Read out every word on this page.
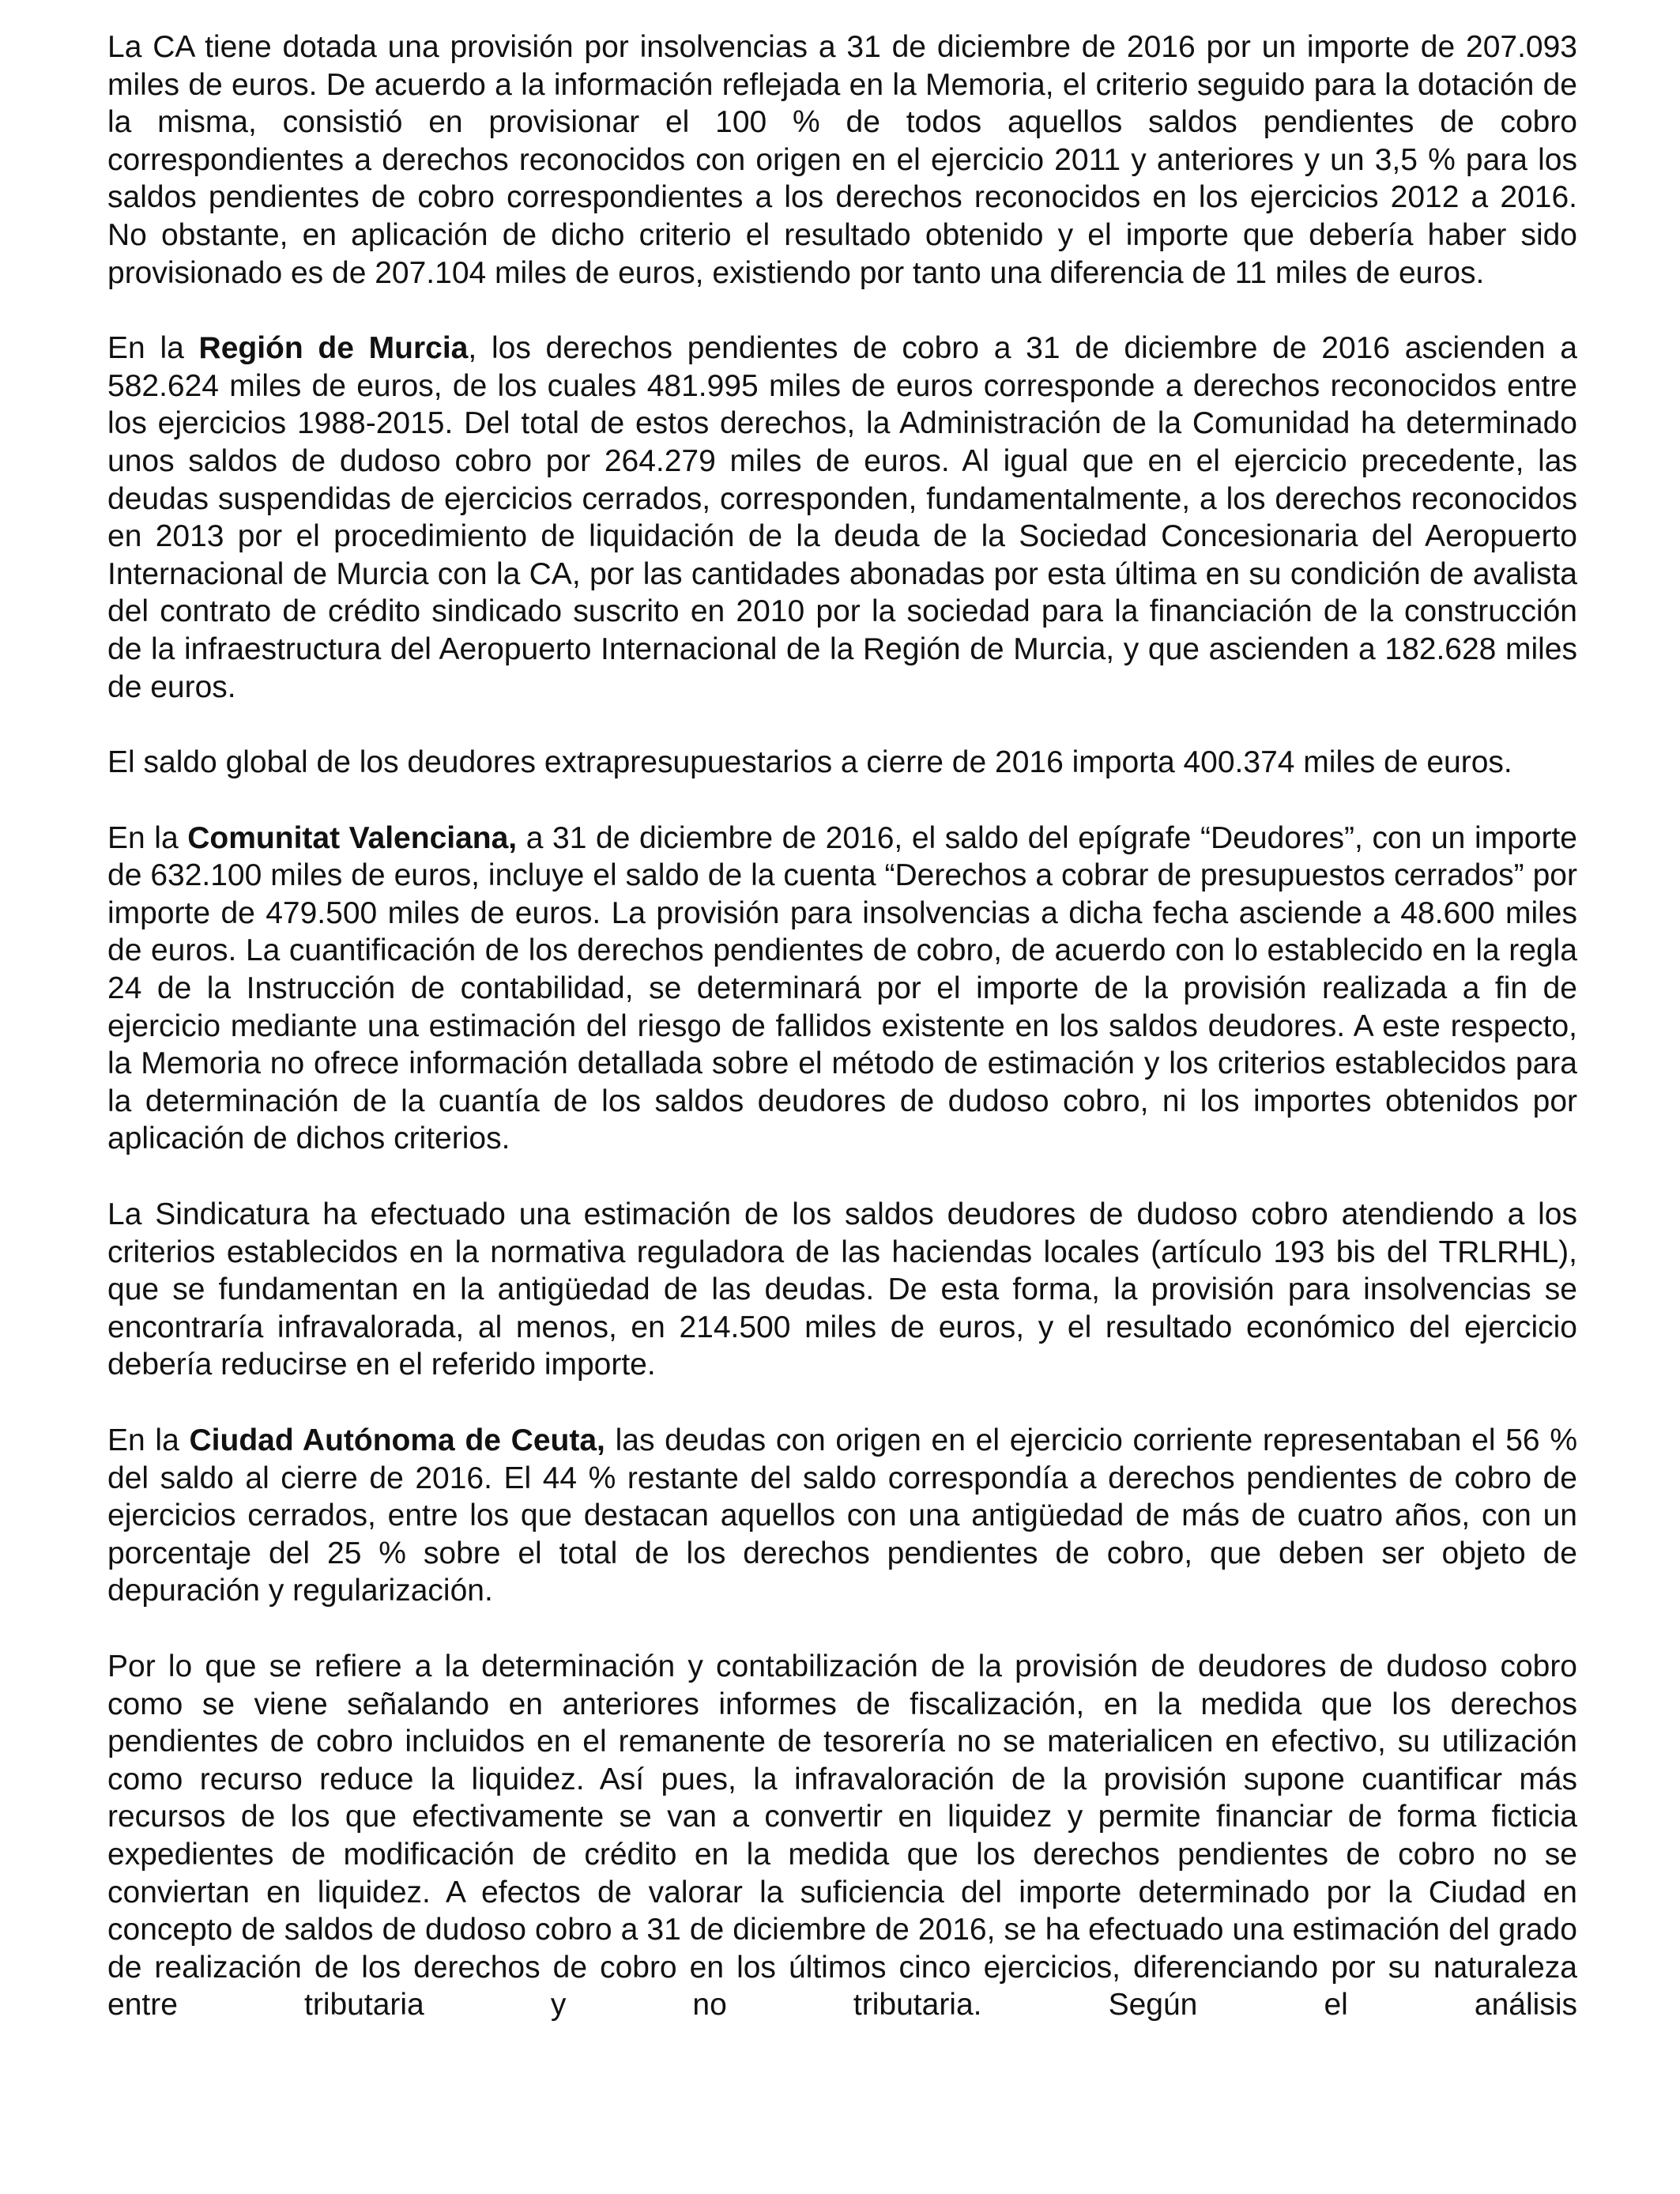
La CA tiene dotada una provisión por insolvencias a 31 de diciembre de 2016 por un importe de 207.093 miles de euros. De acuerdo a la información reflejada en la Memoria, el criterio seguido para la dotación de la misma, consistió en provisionar el 100 % de todos aquellos saldos pendientes de cobro correspondientes a derechos reconocidos con origen en el ejercicio 2011 y anteriores y un 3,5 % para los saldos pendientes de cobro correspondientes a los derechos reconocidos en los ejercicios 2012 a 2016. No obstante, en aplicación de dicho criterio el resultado obtenido y el importe que debería haber sido provisionado es de 207.104 miles de euros, existiendo por tanto una diferencia de 11 miles de euros.

En la Región de Murcia, los derechos pendientes de cobro a 31 de diciembre de 2016 ascienden a 582.624 miles de euros, de los cuales 481.995 miles de euros corresponde a derechos reconocidos entre los ejercicios 1988-2015. Del total de estos derechos, la Administración de la Comunidad ha determinado unos saldos de dudoso cobro por 264.279 miles de euros. Al igual que en el ejercicio precedente, las deudas suspendidas de ejercicios cerrados, corresponden, fundamentalmente, a los derechos reconocidos en 2013 por el procedimiento de liquidación de la deuda de la Sociedad Concesionaria del Aeropuerto Internacional de Murcia con la CA, por las cantidades abonadas por esta última en su condición de avalista del contrato de crédito sindicado suscrito en 2010 por la sociedad para la financiación de la construcción de la infraestructura del Aeropuerto Internacional de la Región de Murcia, y que ascienden a 182.628 miles de euros.

El saldo global de los deudores extrapresupuestarios a cierre de 2016 importa 400.374 miles de euros.

En la Comunitat Valenciana, a 31 de diciembre de 2016, el saldo del epígrafe “Deudores”, con un importe de 632.100 miles de euros, incluye el saldo de la cuenta “Derechos a cobrar de presupuestos cerrados” por importe de 479.500 miles de euros. La provisión para insolvencias a dicha fecha asciende a 48.600 miles de euros. La cuantificación de los derechos pendientes de cobro, de acuerdo con lo establecido en la regla 24 de la Instrucción de contabilidad, se determinará por el importe de la provisión realizada a fin de ejercicio mediante una estimación del riesgo de fallidos existente en los saldos deudores. A este respecto, la Memoria no ofrece información detallada sobre el método de estimación y los criterios establecidos para la determinación de la cuantía de los saldos deudores de dudoso cobro, ni los importes obtenidos por aplicación de dichos criterios.

La Sindicatura ha efectuado una estimación de los saldos deudores de dudoso cobro atendiendo a los criterios establecidos en la normativa reguladora de las haciendas locales (artículo 193 bis del TRLRHL), que se fundamentan en la antigüedad de las deudas. De esta forma, la provisión para insolvencias se encontraría infravalorada, al menos, en 214.500 miles de euros, y el resultado económico del ejercicio debería reducirse en el referido importe.

En la Ciudad Autónoma de Ceuta, las deudas con origen en el ejercicio corriente representaban el 56 % del saldo al cierre de 2016. El 44 % restante del saldo correspondía a derechos pendientes de cobro de ejercicios cerrados, entre los que destacan aquellos con una antigüedad de más de cuatro años, con un porcentaje del 25 % sobre el total de los derechos pendientes de cobro, que deben ser objeto de depuración y regularización.

Por lo que se refiere a la determinación y contabilización de la provisión de deudores de dudoso cobro como se viene señalando en anteriores informes de fiscalización, en la medida que los derechos pendientes de cobro incluidos en el remanente de tesorería no se materialicen en efectivo, su utilización como recurso reduce la liquidez. Así pues, la infravaloración de la provisión supone cuantificar más recursos de los que efectivamente se van a convertir en liquidez y permite financiar de forma ficticia expedientes de modificación de crédito en la medida que los derechos pendientes de cobro no se conviertan en liquidez. A efectos de valorar la suficiencia del importe determinado por la Ciudad en concepto de saldos de dudoso cobro a 31 de diciembre de 2016, se ha efectuado una estimación del grado de realización de los derechos de cobro en los últimos cinco ejercicios, diferenciando por su naturaleza entre tributaria y no tributaria. Según el análisis
